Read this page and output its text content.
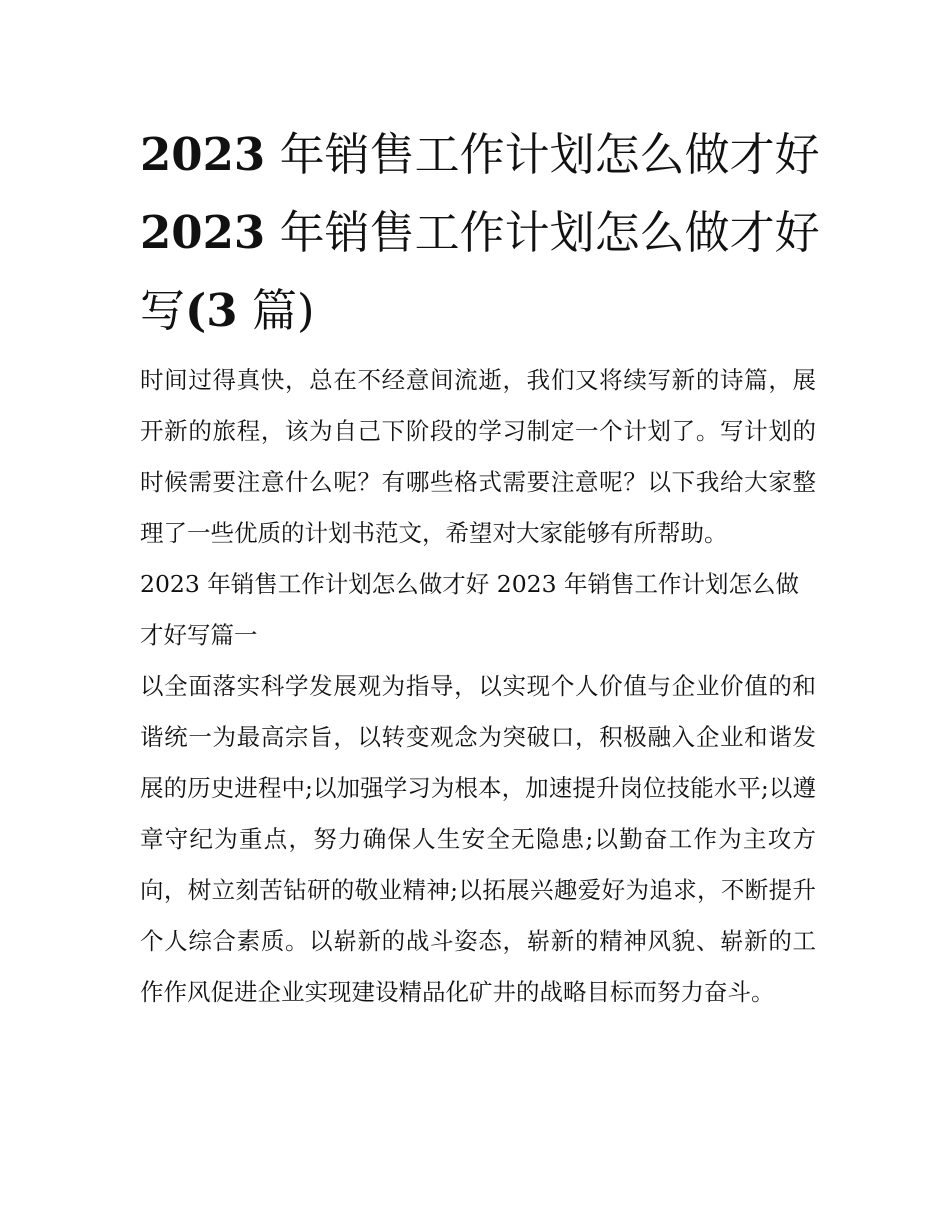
2023 年销售工作计划怎么做才好 2023 年销售工作计划怎么做才好写(3 篇)

时间过得真快，总在不经意间流逝，我们又将续写新的诗篇，展开新的旅程，该为自己下阶段的学习制定一个计划了。写计划的时候需要注意什么呢？有哪些格式需要注意呢？以下我给大家整理了一些优质的计划书范文，希望对大家能够有所帮助。

2023 年销售工作计划怎么做才好 2023 年销售工作计划怎么做才好写篇一

以全面落实科学发展观为指导，以实现个人价值与企业价值的和谐统一为最高宗旨，以转变观念为突破口，积极融入企业和谐发展的历史进程中;以加强学习为根本，加速提升岗位技能水平;以遵章守纪为重点，努力确保人生安全无隐患;以勤奋工作为主攻方向，树立刻苦钻研的敬业精神;以拓展兴趣爱好为追求，不断提升个人综合素质。以崭新的战斗姿态，崭新的精神风貌、崭新的工作作风促进企业实现建设精品化矿井的战略目标而努力奋斗。
